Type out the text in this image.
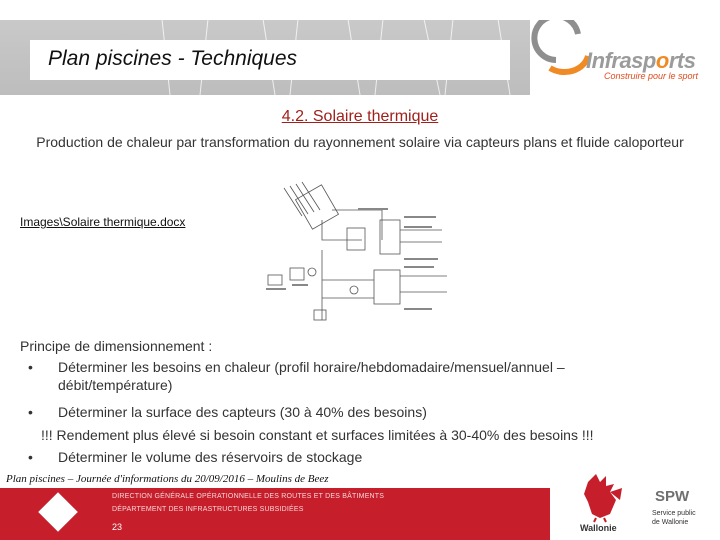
Plan piscines - Techniques	Infrasports
Construire pour le sport
4.2. Solaire thermique
Production de chaleur par transformation du rayonnement solaire via capteurs plans et fluide caloporteur
Images\Solaire thermique.docx
Principe de dimensionnement :
• Déterminer les besoins en chaleur (profil horaire/hebdomadaire/mensuel/annuel – débit/température)
• Déterminer la surface des capteurs (30 à 40% des besoins)
!!! Rendement plus élevé si besoin constant et surfaces limitées à 30-40% des besoins !!!
• Déterminer le volume des réservoirs de stockage
Plan piscines – Journée d'informations du 20/09/2016 – Moulins de Beez
DIRECTION GÉNÉRALE OPÉRATIONNELLE DES ROUTES ET DES BÂTIMENTS
DÉPARTEMENT DES INFRASTRUCTURES SUBSIDIÉES
23	Wallonie
SPW
Service public
de Wallonie
